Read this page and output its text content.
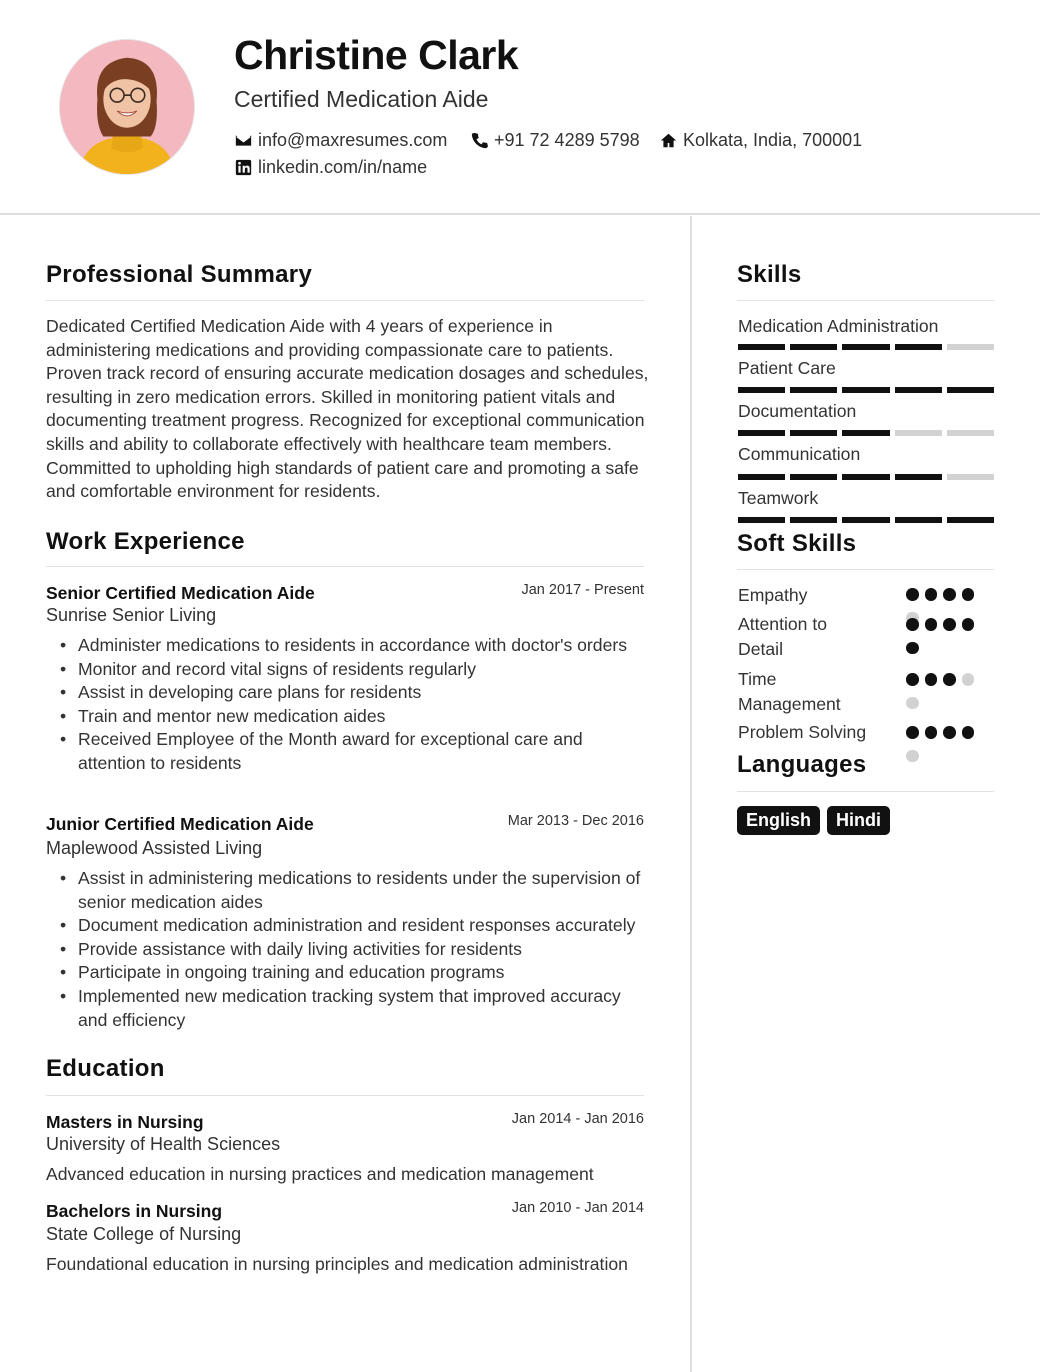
Christine Clark
Certified Medication Aide
info@maxresumes.com	+91 72 4289 5798 Kolkata, India, 700001
linkedin.com/in/name
Professional Summary
Dedicated Certified Medication Aide with 4 years of experience in administering medications and providing compassionate care to patients. Proven track record of ensuring accurate medication dosages and schedules, resulting in zero medication errors. Skilled in monitoring patient vitals and documenting treatment progress. Recognized for exceptional communication skills and ability to collaborate effectively with healthcare team members. Committed to upholding high standards of patient care and promoting a safe and comfortable environment for residents.
Work Experience
Senior Certified Medication Aide	Jan 2017 - Present
Sunrise Senior Living
• Administer medications to residents in accordance with doctor's orders
• Monitor and record vital signs of residents regularly
• Assist in developing care plans for residents
• Train and mentor new medication aides
• Received Employee of the Month award for exceptional care and attention to residents
Junior Certified Medication Aide	Mar 2013 - Dec 2016
Maplewood Assisted Living
• Assist in administering medications to residents under the supervision of senior medication aides
• Document medication administration and resident responses accurately
• Provide assistance with daily living activities for residents
• Participate in ongoing training and education programs
• Implemented new medication tracking system that improved accuracy and efficiency
Education
Masters in Nursing	Jan 2014 - Jan 2016
University of Health Sciences
Advanced education in nursing practices and medication management
Bachelors in Nursing	Jan 2010 - Jan 2014
State College of Nursing
Foundational education in nursing principles and medication administration
Skills
Medication Administration
Patient Care
Documentation
Communication
Teamwork
Soft Skills
Empathy
Attention to Detail
Time Management
Problem Solving
Languages
English	Hindi
